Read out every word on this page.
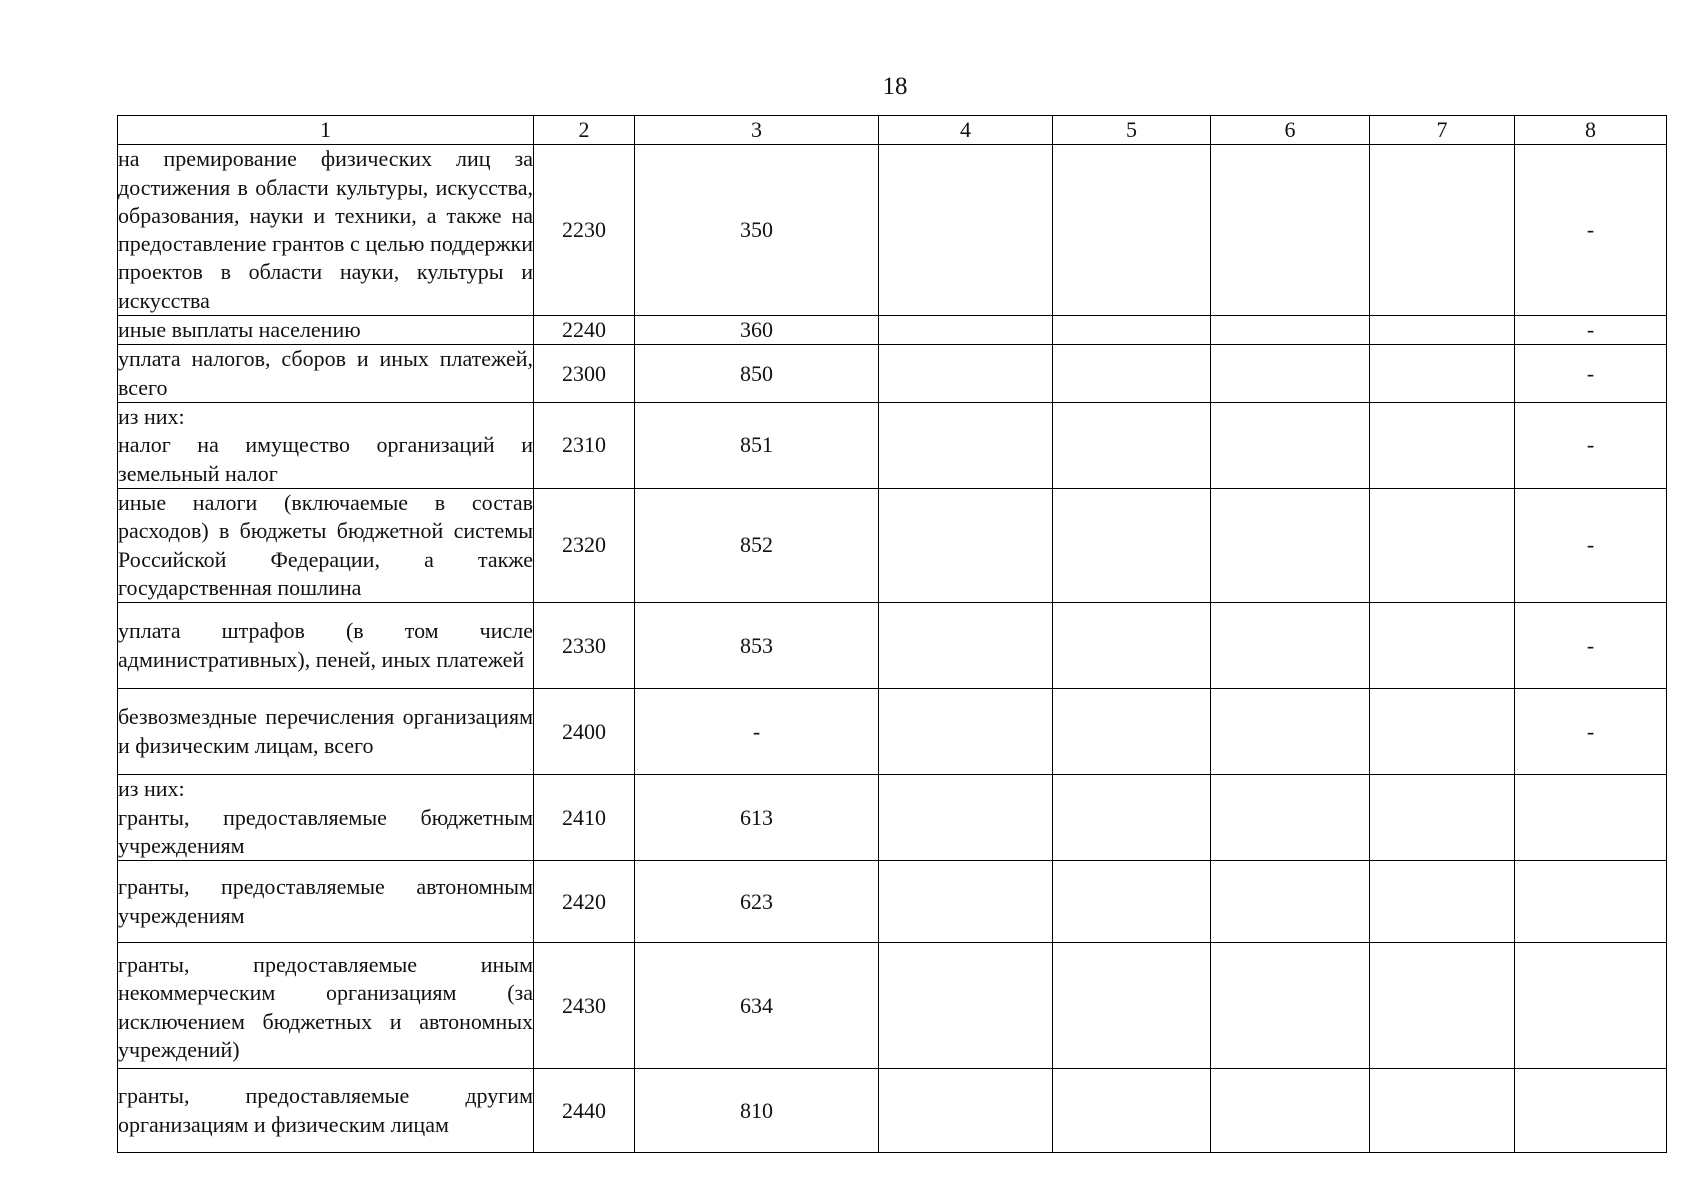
18
1	2	3	4	5	6	7	8
на премирование физических лиц за достижения в области культуры, искусства, образования, науки и техники, а также на предоставление грантов с целью поддержки проектов в области науки, культуры и искусства	2230	350					-
иные выплаты населению	2240	360					-
уплата налогов, сборов и иных платежей, всего	2300	850					-

из них:
налог на имущество организаций и земельный налог	2310	851					-
иные налоги (включаемые в состав расходов) в бюджеты бюджетной системы Российской Федерации, а также государственная пошлина	2320	852					-
уплата штрафов (в том числе административных), пеней, иных платежей	2330	853					-
безвозмездные перечисления организациям и физическим лицам, всего	2400	-					-

из них:
гранты, предоставляемые бюджетным учреждениям	2410	613					
гранты, предоставляемые автономным учреждениям	2420	623					
гранты, предоставляемые иным некоммерческим организациям (за исключением бюджетных и автономных учреждений)	2430	634					
гранты, предоставляемые другим организациям и физическим лицам	2440	810					
